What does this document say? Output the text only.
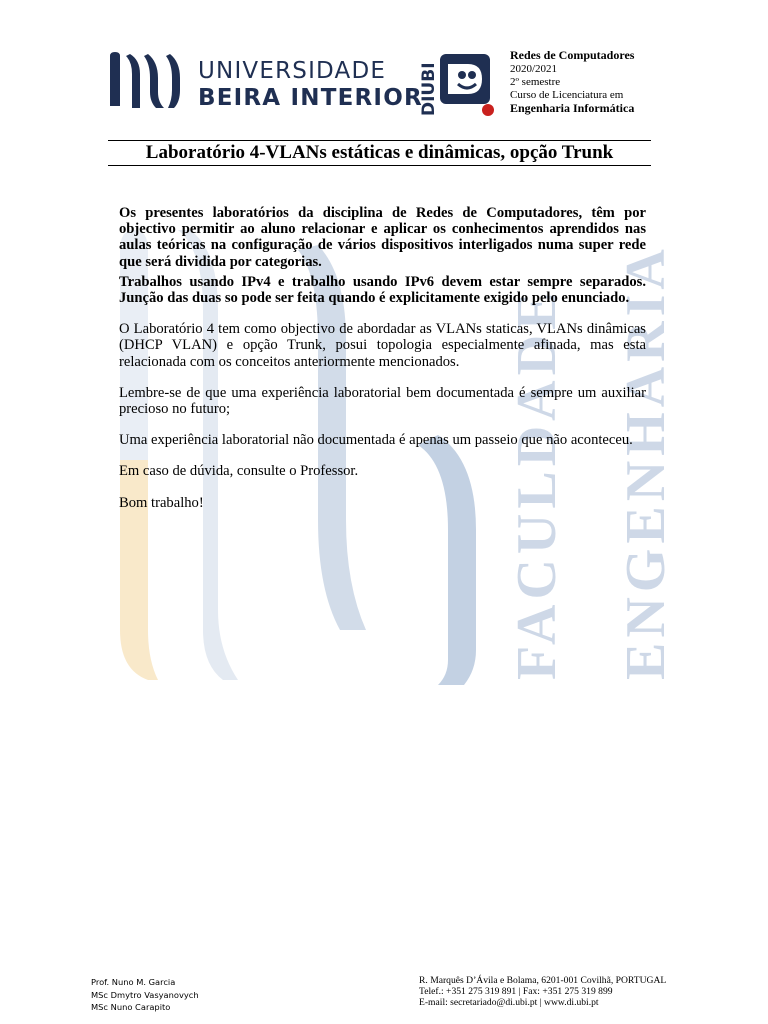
FACULDADE ENGENHARIA
UNIVERSIDADE
BEIRA INTERIOR
DIUBI
Redes de Computadores
2020/2021
2º semestre
Curso de Licenciatura em
Engenharia Informática
Laboratório 4-VLANs estáticas e dinâmicas, opção Trunk

Os presentes laboratórios da disciplina de Redes de Computadores, têm por objectivo permitir ao aluno relacionar e aplicar os conhecimentos aprendidos nas aulas teóricas na configuração de vários dispositivos interligados numa super rede que será dividida por categorias.

Trabalhos usando IPv4 e trabalho usando IPv6 devem estar sempre separados. Junção das duas so pode ser feita quando é explicitamente exigido pelo enunciado.

O Laboratório 4 tem como objectivo de abordadar as VLANs staticas, VLANs dinâmicas (DHCP VLAN) e opção Trunk, posui topologia especialmente afinada, mas esta relacionada com os conceitos anteriormente mencionados.

Lembre-se de que uma experiência laboratorial bem documentada é sempre um auxiliar precioso no futuro;

Uma experiência laboratorial não documentada é apenas um passeio que não aconteceu.

Em caso de dúvida, consulte o Professor.

Bom trabalho!

Prof. Nuno M. Garcia
MSc Dmytro Vasyanovych
MSc Nuno Carapito
R. Marquês D’Ávila e Bolama, 6201-001 Covilhã, PORTUGAL
Telef.: +351 275 319 891 | Fax: +351 275 319 899
E-mail: secretariado@di.ubi.pt | www.di.ubi.pt
